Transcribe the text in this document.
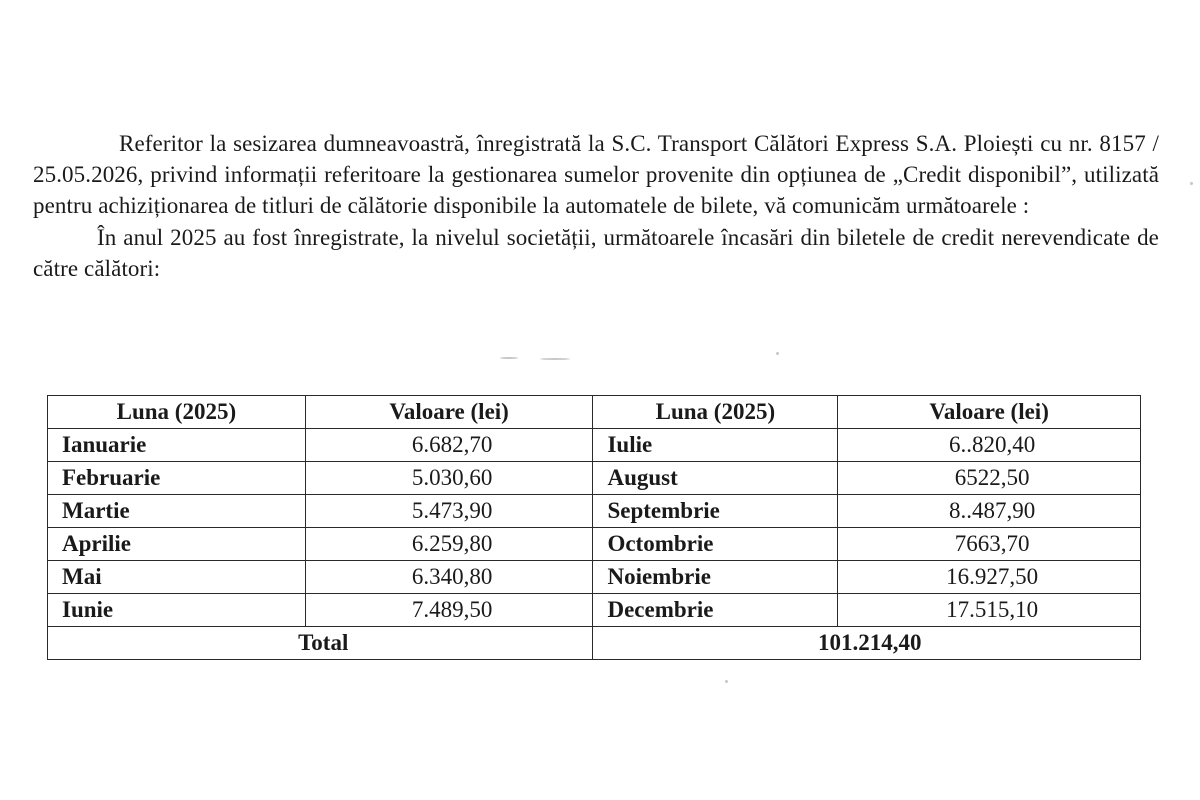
Referitor la sesizarea dumneavoastră, înregistrată la S.C. Transport Călători Express S.A. Ploiești cu nr. 8157 / 25.05.2026, privind informații referitoare la gestionarea sumelor provenite din opțiunea de „Credit disponibil”, utilizată pentru achiziționarea de titluri de călătorie disponibile la automatele de bilete, vă comunicăm următoarele :

În anul 2025 au fost înregistrate, la nivelul societății, următoarele încasări din biletele de credit nerevendicate de către călători:

Luna (2025)	Valoare (lei)	Luna (2025)	Valoare (lei)
Ianuarie	6.682,70	Iulie	6..820,40
Februarie	5.030,60	August	6522,50
Martie	5.473,90	Septembrie	8..487,90
Aprilie	6.259,80	Octombrie	7663,70
Mai	6.340,80	Noiembrie	16.927,50
Iunie	7.489,50	Decembrie	17.515,10
Total		101.214,40	
